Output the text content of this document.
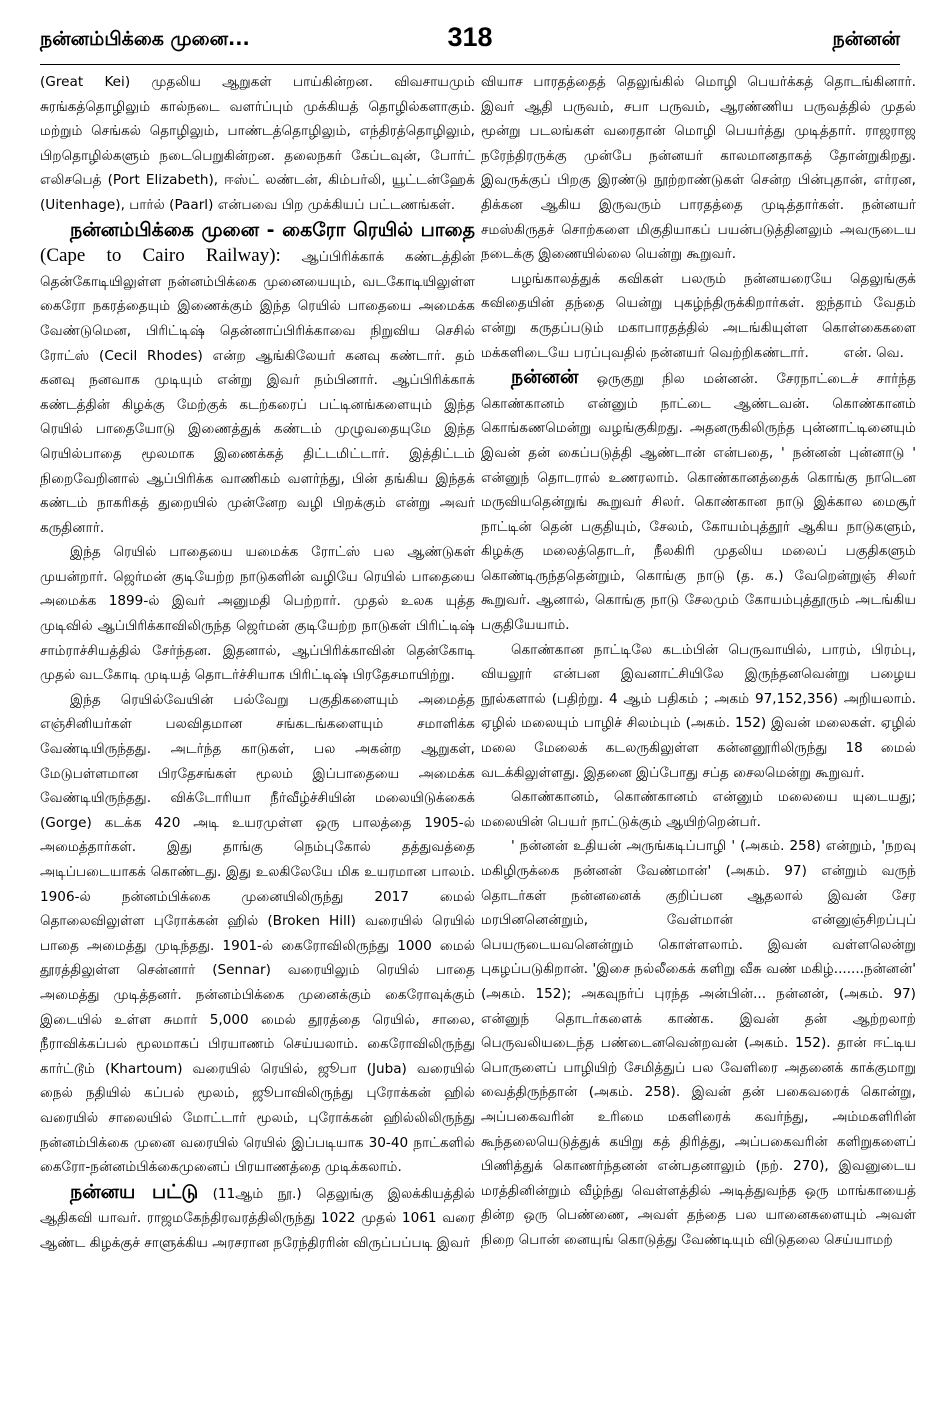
நன்னம்பிக்கை முனை...	318	நன்னன்

(Great Kei) முதலிய ஆறுகள் பாய்கின்றன. விவசாயமும் சுரங்கத்தொழிலும் கால்நடை வளர்ப்பும் முக்கியத் தொழில்களாகும். மற்றும் செங்கல் தொழிலும், பாண்டத்தொழிலும், எந்திரத்தொழிலும், பிறதொழில்களும் நடைபெறுகின்றன. தலைநகர் கேப்டவுன், போர்ட் எலிசபெத் (Port Elizabeth), ஈஸ்ட் லண்டன், கிம்பர்லி, யூட்டன்ஹேக் (Uitenhage), பார்ல் (Paarl) என்பவை பிற முக்கியப் பட்டணங்கள்.

நன்னம்பிக்கை முனை - கைரோ ரெயில் பாதை (Cape to Cairo Railway): ஆப்பிரிக்காக் கண்டத்தின் தென்கோடியிலுள்ள நன்னம்பிக்கை முனையையும், வடகோடியிலுள்ள கைரோ நகரத்தையும் இணைக்கும் இந்த ரெயில் பாதையை அமைக்க வேண்டுமென, பிரிட்டிஷ் தென்னாப்பிரிக்காவை நிறுவிய செசில் ரோட்ஸ் (Cecil Rhodes) என்ற ஆங்கிலேயர் கனவு கண்டார். தம் கனவு நனவாக முடியும் என்று இவர் நம்பினார். ஆப்பிரிக்காக் கண்டத்தின் கிழக்கு மேற்குக் கடற்கரைப் பட்டினங்களையும் இந்த ரெயில் பாதையோடு இணைத்துக் கண்டம் முழுவதையுமே இந்த ரெயில்பாதை மூலமாக இணைக்கத் திட்டமிட்டார். இத்திட்டம் நிறைவேறினால் ஆப்பிரிக்க வாணிகம் வளர்ந்து, பின் தங்கிய இந்தக் கண்டம் நாகரிகத் துறையில் முன்னேற வழி பிறக்கும் என்று அவர் கருதினார்.

இந்த ரெயில் பாதையை யமைக்க ரோட்ஸ் பல ஆண்டுகள் முயன்றார். ஜெர்மன் குடியேற்ற நாடுகளின் வழியே ரெயில் பாதையை அமைக்க 1899-ல் இவர் அனுமதி பெற்றார். முதல் உலக யுத்த முடிவில் ஆப்பிரிக்காவிலிருந்த ஜெர்மன் குடியேற்ற நாடுகள் பிரிட்டிஷ் சாம்ராச்சியத்தில் சேர்ந்தன. இதனால், ஆப்பிரிக்காவின் தென்கோடி முதல் வடகோடி முடியத் தொடர்ச்சியாக பிரிட்டிஷ் பிரதேசமாயிற்று.

இந்த ரெயில்வேயின் பல்வேறு பகுதிகளையும் அமைத்த எஞ்சினியர்கள் பலவிதமான சங்கடங்களையும் சமாளிக்க வேண்டியிருந்தது. அடர்ந்த காடுகள், பல அகன்ற ஆறுகள், மேடுபள்ளமான பிரதேசங்கள் மூலம் இப்பாதையை அமைக்க வேண்டியிருந்தது. விக்டோரியா நீர்வீழ்ச்சியின் மலையிடுக்கைக் (Gorge) கடக்க 420 அடி உயரமுள்ள ஒரு பாலத்தை 1905-ல் அமைத்தார்கள். இது தாங்கு நெம்புகோல் தத்துவத்தை அடிப்படையாகக் கொண்டது. இது உலகிலேயே மிக உயரமான பாலம். 1906-ல் நன்னம்பிக்கை முனையிலிருந்து 2017 மைல் தொலைவிலுள்ள புரோக்கன் ஹில் (Broken Hill) வரையில் ரெயில் பாதை அமைத்து முடிந்தது. 1901-ல் கைரோவிலிருந்து 1000 மைல் தூரத்திலுள்ள சென்னார் (Sennar) வரையிலும் ரெயில் பாதை அமைத்து முடித்தனர். நன்னம்பிக்கை முனைக்கும் கைரோவுக்கும் இடையில் உள்ள சுமார் 5,000 மைல் தூரத்தை ரெயில், சாலை, நீராவிக்கப்பல் மூலமாகப் பிரயாணம் செய்யலாம். கைரோவிலிருந்து கார்ட்டூம் (Khartoum) வரையில் ரெயில், ஜூபா (Juba) வரையில் நைல் நதியில் கப்பல் மூலம், ஜூபாவிலிருந்து புரோக்கன் ஹில் வரையில் சாலையில் மோட்டார் மூலம், புரோக்கன் ஹில்லிலிருந்து நன்னம்பிக்கை முனை வரையில் ரெயில் இப்படியாக 30-40 நாட்களில் கைரோ-நன்னம்பிக்கைமுனைப் பிரயாணத்தை முடிக்கலாம்.

நன்னய பட்டு (11ஆம் நூ.) தெலுங்கு இலக்கியத்தில் ஆதிகவி யாவர். ராஜமகேந்திரவரத்திலிருந்து 1022 முதல் 1061 வரை ஆண்ட கிழக்குச் சாளுக்கிய அரசரான நரேந்திரரின் விருப்பப்படி இவர்

வியாச பாரதத்தைத் தெலுங்கில் மொழி பெயர்க்கத் தொடங்கினார். இவர் ஆதி பருவம், சபா பருவம், ஆரண்ணிய பருவத்தில் முதல் மூன்று படலங்கள் வரைதான் மொழி பெயர்த்து முடித்தார். ராஜராஜ நரேந்திரருக்கு முன்பே நன்னயர் காலமானதாகத் தோன்றுகிறது. இவருக்குப் பிறகு இரண்டு நூற்றாண்டுகள் சென்ற பின்புதான், எர்ரன, திக்கன ஆகிய இருவரும் பாரதத்தை முடித்தார்கள். நன்னயர் சமஸ்கிருதச் சொற்களை மிகுதியாகப் பயன்படுத்தினலும் அவருடைய நடைக்கு இணையில்லை யென்று கூறுவர்.

பழங்காலத்துக் கவிகள் பலரும் நன்னயரையே தெலுங்குக் கவிதையின் தந்தை யென்று புகழ்ந்திருக்கிறார்கள். ஐந்தாம் வேதம் என்று கருதப்படும் மகாபாரதத்தில் அடங்கியுள்ள கொள்கைகளை மக்களிடையே பரப்புவதில் நன்னயர் வெற்றிகண்டார்.	என். வெ.

நன்னன் ஒருகுறு நில மன்னன். சேரநாட்டைச் சார்ந்த கொண்கானம் என்னும் நாட்டை ஆண்டவன். கொண்கானம் கொங்கணமென்று வழங்குகிறது. அதனருகிலிருந்த புன்னாட்டினையும் இவன் தன் கைப்படுத்தி ஆண்டான் என்பதை, ' நன்னன் புன்னாடு ' என்னுந் தொடரால் உணரலாம். கொண்கானத்தைக் கொங்கு நாடென மருவியதென்றுங் கூறுவர் சிலர். கொண்கான நாடு இக்கால மைசூர் நாட்டின் தென் பகுதியும், சேலம், கோயம்புத்தூர் ஆகிய நாடுகளும், கிழக்கு மலைத்தொடர், நீலகிரி முதலிய மலைப் பகுதிகளும் கொண்டிருந்ததென்றும், கொங்கு நாடு (த. க.) வேறென்றுஞ் சிலர் கூறுவர். ஆனால், கொங்கு நாடு சேலமும் கோயம்புத்தூரும் அடங்கிய பகுதியேயாம்.

கொண்கான நாட்டிலே கடம்பின் பெருவாயில், பாரம், பிரம்பு, வியலூர் என்பன இவனாட்சியிலே இருந்தனவென்று பழைய நூல்களால் (பதிற்று. 4 ஆம் பதிகம் ; அகம் 97,152,356) அறியலாம். ஏழில் மலையும் பாழிச் சிலம்பும் (அகம். 152) இவன் மலைகள். ஏழில் மலை மேலைக் கடலருகிலுள்ள கன்னனூரிலிருந்து 18 மைல் வடக்கிலுள்ளது. இதனை இப்போது சப்த சைலமென்று கூறுவர்.

கொண்கானம், கொண்கானம் என்னும் மலையை யுடையது; மலையின் பெயர் நாட்டுக்கும் ஆயிற்றென்பர்.

' நன்னன் உதியன் அருங்கடிப்பாழி ' (அகம். 258) என்றும், 'நறவு மகிழிருக்கை நன்னன் வேண்மான்' (அகம். 97) என்றும் வருந் தொடர்கள் நன்னனைக் குறிப்பன ஆதலால் இவன் சேர மரபினனென்றும், வேள்மான் என்னுஞ்சிறப்புப் பெயருடையவனென்றும் கொள்ளலாம். இவன் வள்ளலென்று புகழப்படுகிறான். 'இசை நல்லீகைக் களிறு வீசு வண் மகிழ்.......நன்னன்' (அகம். 152); அகவுநர்ப் புரந்த அன்பின்... நன்னன், (அகம். 97) என்னுந் தொடர்களைக் காண்க. இவன் தன் ஆற்றலாற் பெருவலியடைந்த பண்டைனவென்றவன் (அகம். 152). தான் ஈட்டிய பொருளைப் பாழியிற் சேமித்துப் பல வேளிரை அதனைக் காக்குமாறு வைத்திருந்தான் (அகம். 258). இவன் தன் பகைவரைக் கொன்று, அப்பகைவரின் உரிமை மகளிரைக் கவர்ந்து, அம்மகளிரின் கூந்தலையெடுத்துக் கயிறு கத் திரித்து, அப்பகைவரின் களிறுகளைப் பிணித்துக் கொணர்ந்தனன் என்பதனாலும் (நற். 270), இவனுடைய மரத்தினின்றும் வீழ்ந்து வெள்ளத்தில் அடித்துவந்த ஒரு மாங்காயைத் தின்ற ஒரு பெண்ணை, அவள் தந்தை பல யானைகளையும் அவள் நிறை பொன் னையுங் கொடுத்து வேண்டியும் விடுதலை செய்யாமற்
